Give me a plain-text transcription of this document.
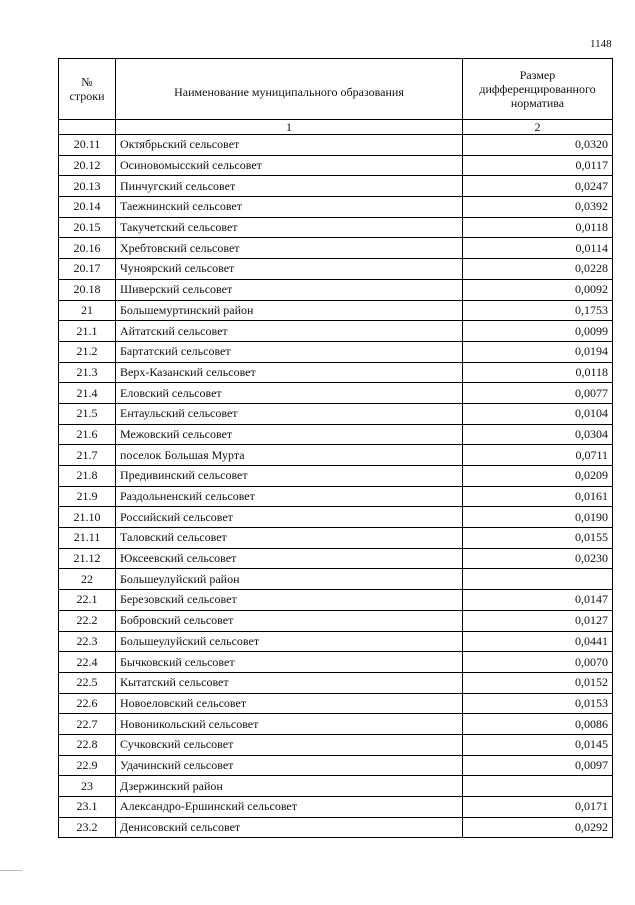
1148
№
строки	Наименование муниципального образования	Размер
дифференцированного
норматива
	1	2
20.11	Октябрьский сельсовет	0,0320
20.12	Осиновомысский сельсовет	0,0117
20.13	Пинчугский сельсовет	0,0247
20.14	Таежнинский сельсовет	0,0392
20.15	Такучетский сельсовет	0,0118
20.16	Хребтовский сельсовет	0,0114
20.17	Чуноярский сельсовет	0,0228
20.18	Шиверский сельсовет	0,0092
21	Большемуртинский район	0,1753
21.1	Айтатский сельсовет	0,0099
21.2	Бартатский сельсовет	0,0194
21.3	Верх-Казанский сельсовет	0,0118
21.4	Еловский сельсовет	0,0077
21.5	Ентаульский сельсовет	0,0104
21.6	Межовский сельсовет	0,0304
21.7	поселок Большая Мурта	0,0711
21.8	Предивинский сельсовет	0,0209
21.9	Раздольненский сельсовет	0,0161
21.10	Российский сельсовет	0,0190
21.11	Таловский сельсовет	0,0155
21.12	Юксеевский сельсовет	0,0230
22	Большеулуйский район	
22.1	Березовский сельсовет	0,0147
22.2	Бобровский сельсовет	0,0127
22.3	Большеулуйский сельсовет	0,0441
22.4	Бычковский сельсовет	0,0070
22.5	Кытатский сельсовет	0,0152
22.6	Новоеловский сельсовет	0,0153
22.7	Новоникольский сельсовет	0,0086
22.8	Сучковский сельсовет	0,0145
22.9	Удачинский сельсовет	0,0097
23	Дзержинский район	
23.1	Александро-Ершинский сельсовет	0,0171
23.2	Денисовский сельсовет	0,0292
